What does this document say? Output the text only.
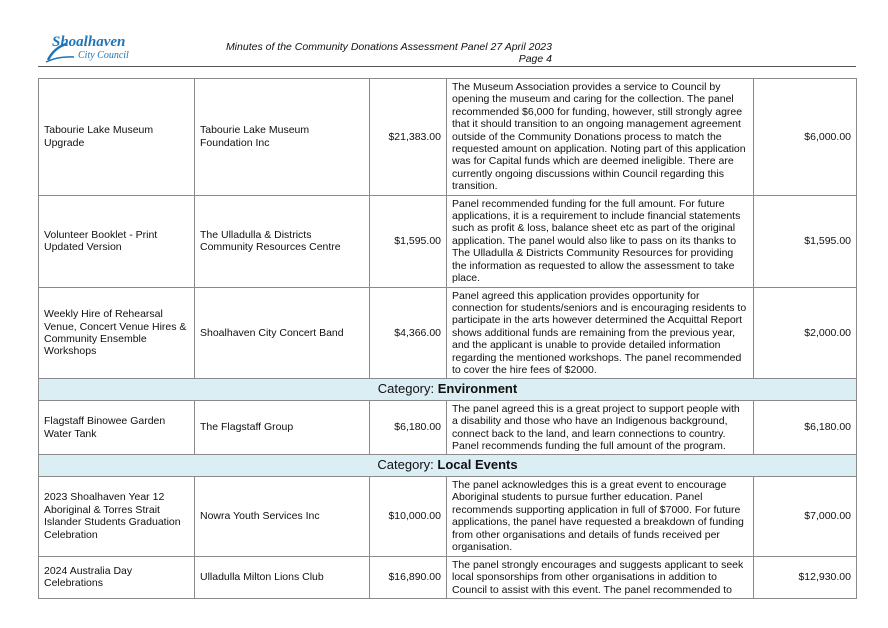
Shoalhaven
City Council
Minutes of the Community Donations Assessment Panel 27 April 2023
Page 4
Tabourie Lake Museum Upgrade	Tabourie Lake Museum Foundation Inc	$21,383.00	The Museum Association provides a service to Council by opening the museum and caring for the collection. The panel recommended $6,000 for funding, however, still strongly agree that it should transition to an ongoing management agreement outside of the Community Donations process to match the requested amount on application. Noting part of this application was for Capital funds which are deemed ineligible. There are currently ongoing discussions within Council regarding this transition.	$6,000.00
Volunteer Booklet - Print Updated Version	The Ulladulla & Districts Community Resources Centre	$1,595.00	Panel recommended funding for the full amount. For future applications, it is a requirement to include financial statements such as profit & loss, balance sheet etc as part of the original application. The panel would also like to pass on its thanks to The Ulladulla & Districts Community Resources for providing the information as requested to allow the assessment to take place.	$1,595.00
Weekly Hire of Rehearsal Venue, Concert Venue Hires & Community Ensemble Workshops	Shoalhaven City Concert Band	$4,366.00	Panel agreed this application provides opportunity for connection for students/seniors and is encouraging residents to participate in the arts however determined the Acquittal Report shows additional funds are remaining from the previous year, and the applicant is unable to provide detailed information regarding the mentioned workshops. The panel recommended to cover the hire fees of $2000.	$2,000.00
Category: Environment				
Flagstaff Binowee Garden Water Tank	The Flagstaff Group	$6,180.00	The panel agreed this is a great project to support people with a disability and those who have an Indigenous background, connect back to the land, and learn connections to country. Panel recommends funding the full amount of the program.	$6,180.00
Category: Local Events				
2023 Shoalhaven Year 12 Aboriginal & Torres Strait Islander Students Graduation Celebration	Nowra Youth Services Inc	$10,000.00	The panel acknowledges this is a great event to encourage Aboriginal students to pursue further education. Panel recommends supporting application in full of $7000. For future applications, the panel have requested a breakdown of funding from other organisations and details of funds received per organisation.	$7,000.00
2024 Australia Day Celebrations	Ulladulla Milton Lions Club	$16,890.00	The panel strongly encourages and suggests applicant to seek local sponsorships from other organisations in addition to Council to assist with this event. The panel recommended to	$12,930.00
